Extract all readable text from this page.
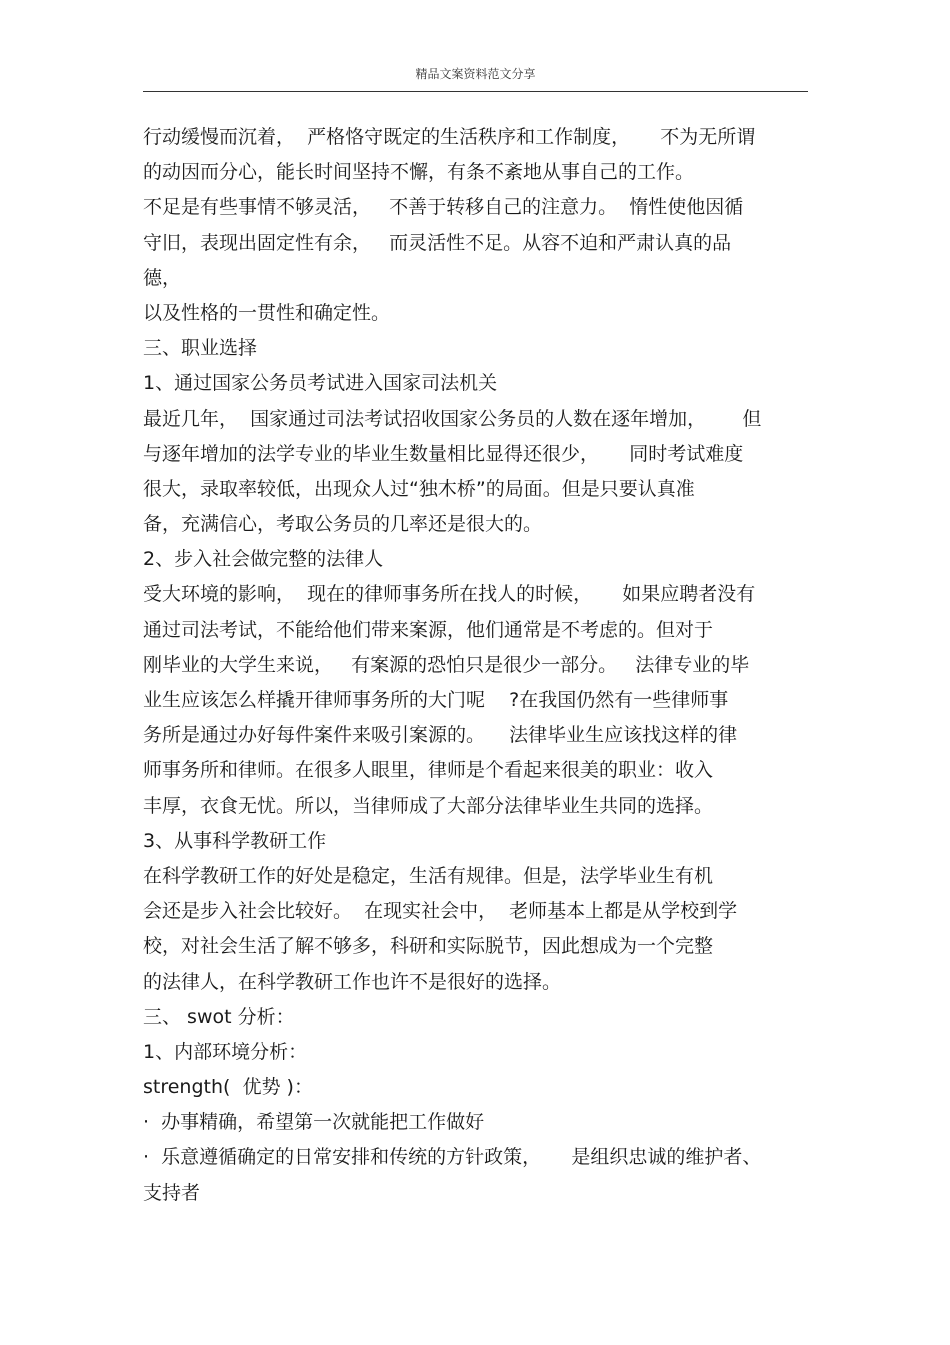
精品文案资料范文分享
行动缓慢而沉着，  严格恪守既定的生活秩序和工作制度，     不为无所谓
的动因而分心，能长时间坚持不懈，有条不紊地从事自己的工作。
不足是有些事情不够灵活，   不善于转移自己的注意力。  惰性使他因循
守旧，表现出固定性有余，   而灵活性不足。从容不迫和严肃认真的品
德，
以及性格的一贯性和确定性。
三、职业选择
1、通过国家公务员考试进入国家司法机关
最近几年，  国家通过司法考试招收国家公务员的人数在逐年增加，      但
与逐年增加的法学专业的毕业生数量相比显得还很少，     同时考试难度
很大，录取率较低，出现众人过“独木桥”的局面。但是只要认真准
备，充满信心，考取公务员的几率还是很大的。
2、步入社会做完整的法律人
受大环境的影响，  现在的律师事务所在找人的时候，     如果应聘者没有
通过司法考试，不能给他们带来案源，他们通常是不考虑的。但对于
刚毕业的大学生来说，   有案源的恐怕只是很少一部分。   法律专业的毕
业生应该怎么样撬开律师事务所的大门呢    ?在我国仍然有一些律师事
务所是通过办好每件案件来吸引案源的。    法律毕业生应该找这样的律
师事务所和律师。在很多人眼里，律师是个看起来很美的职业：收入
丰厚，衣食无忧。所以，当律师成了大部分法律毕业生共同的选择。
3、从事科学教研工作
在科学教研工作的好处是稳定，生活有规律。但是，法学毕业生有机
会还是步入社会比较好。  在现实社会中，  老师基本上都是从学校到学
校，对社会生活了解不够多，科研和实际脱节，因此想成为一个完整
的法律人，在科学教研工作也许不是很好的选择。
三、 swot 分析：
1、内部环境分析：
strength(  优势 )：
·  办事精确，希望第一次就能把工作做好
·  乐意遵循确定的日常安排和传统的方针政策，     是组织忠诚的维护者、
支持者
